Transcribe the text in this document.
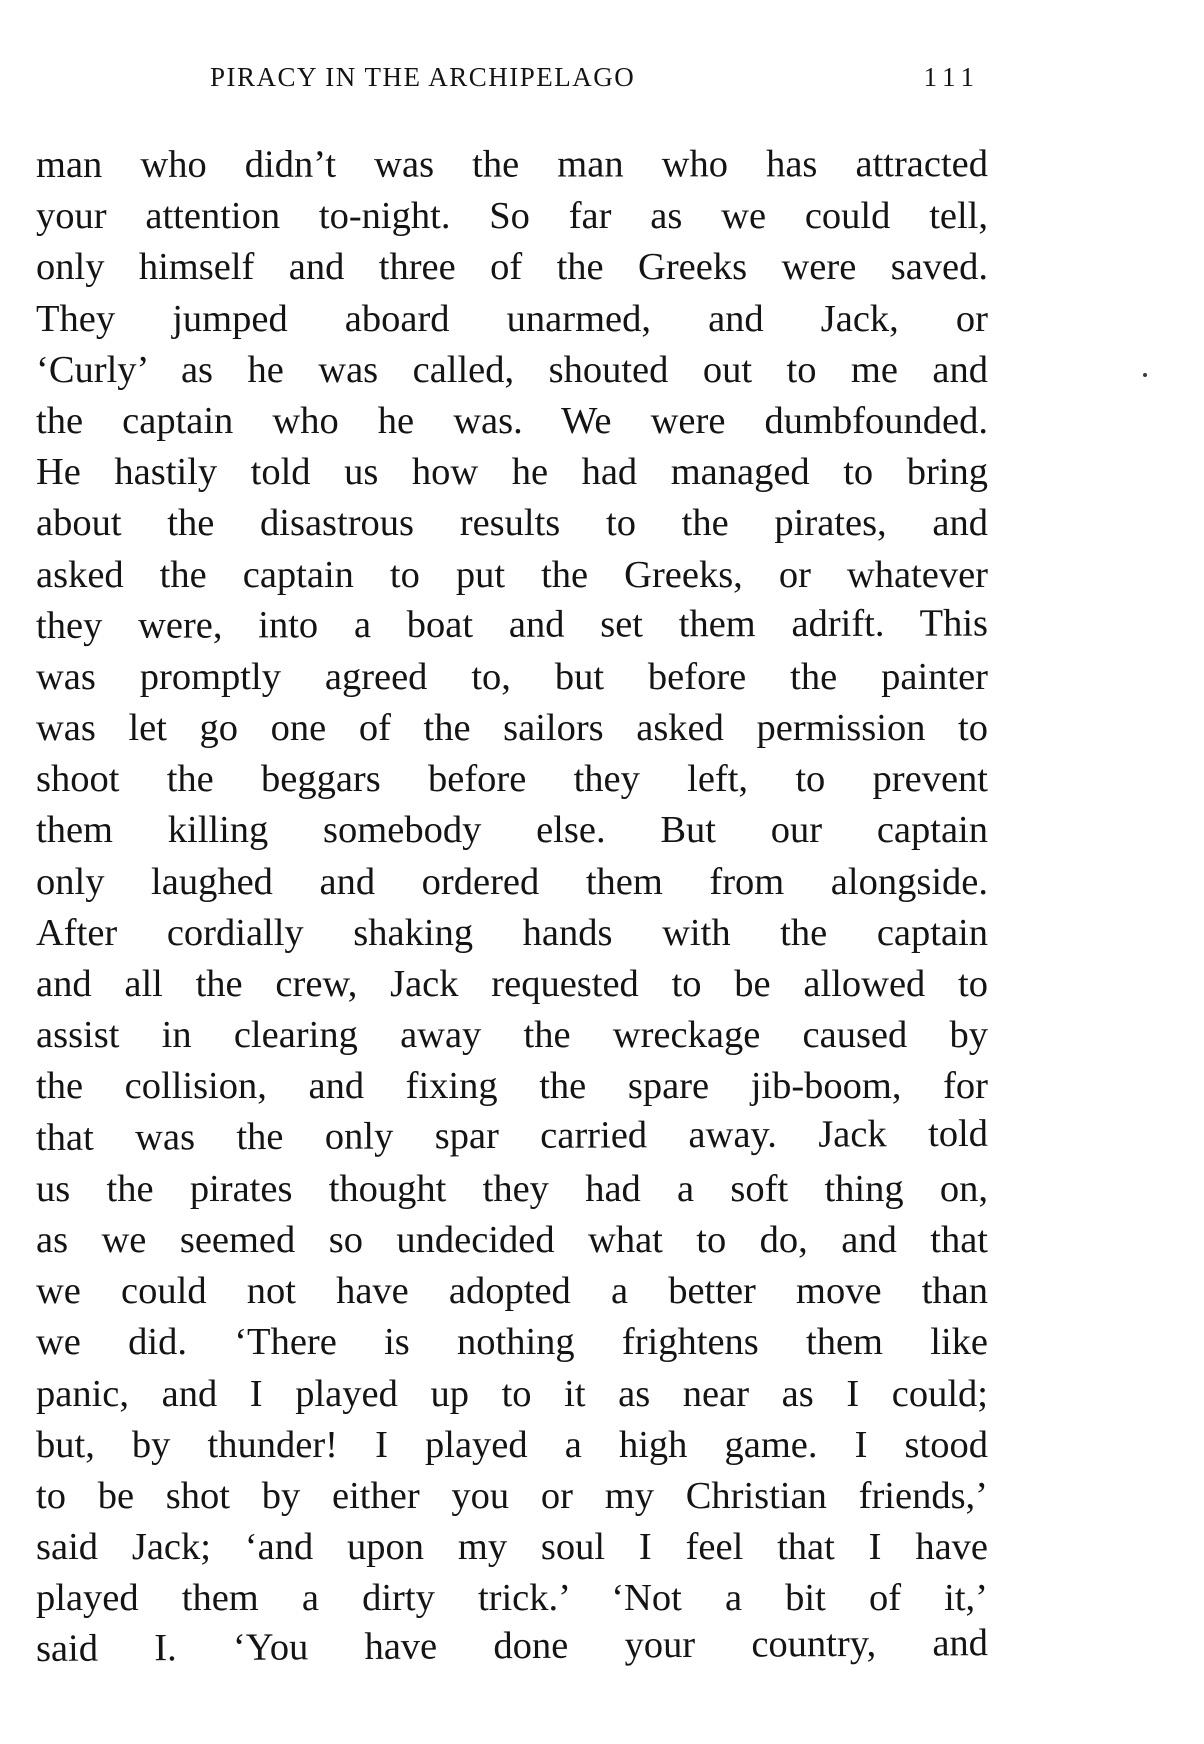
PIRACY IN THE ARCHIPELAGO	111
man who didn’t was the man who has attracted
your attention to-night. So far as we could tell,
only himself and three of the Greeks were saved.
They jumped aboard unarmed, and Jack, or
‘Curly’ as he was called, shouted out to me and
the captain who he was. We were dumbfounded.
He hastily told us how he had managed to bring
about the disastrous results to the pirates, and
asked the captain to put the Greeks, or whatever
they were, into a boat and set them adrift. This
was promptly agreed to, but before the painter
was let go one of the sailors asked permission to
shoot the beggars before they left, to prevent
them killing somebody else. But our captain
only laughed and ordered them from alongside.
After cordially shaking hands with the captain
and all the crew, Jack requested to be allowed to
assist in clearing away the wreckage caused by
the collision, and fixing the spare jib-boom, for
that was the only spar carried away. Jack told
us the pirates thought they had a soft thing on,
as we seemed so undecided what to do, and that
we could not have adopted a better move than
we did. ‘There is nothing frightens them like
panic, and I played up to it as near as I could;
but, by thunder! I played a high game. I stood
to be shot by either you or my Christian friends,’
said Jack; ‘and upon my soul I feel that I have
played them a dirty trick.’ ‘Not a bit of it,’
said I. ‘You have done your country, and
